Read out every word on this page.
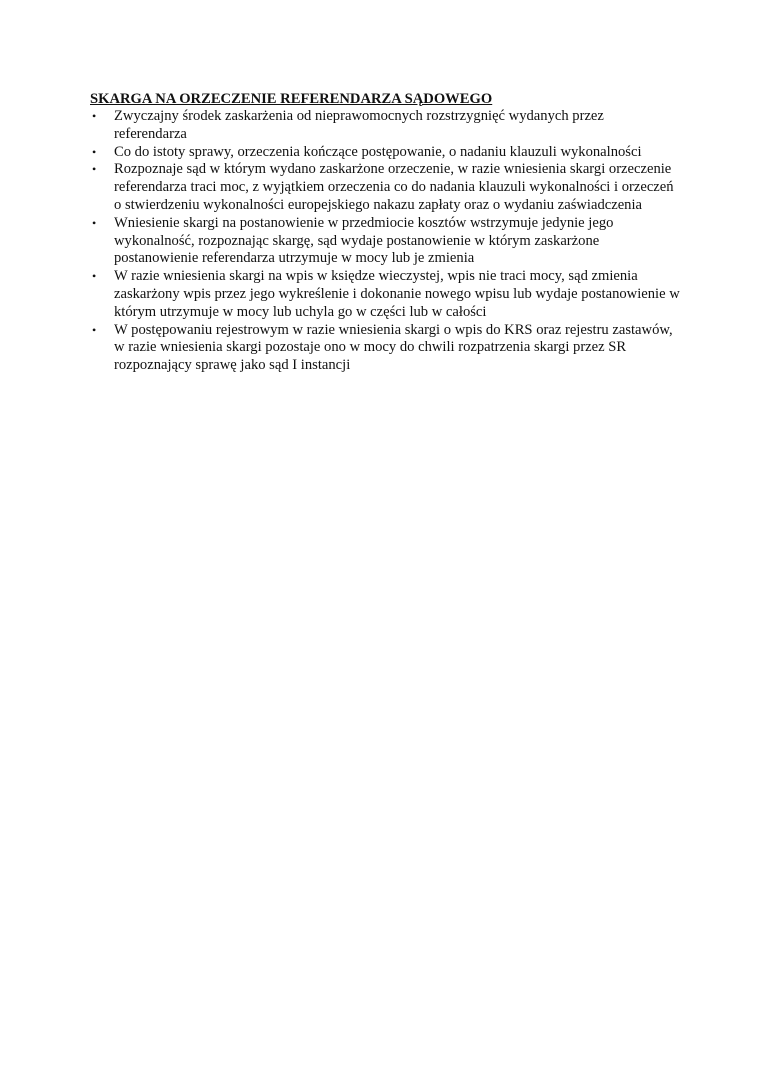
SKARGA NA ORZECZENIE REFERENDARZA SĄDOWEGO
• Zwyczajny środek zaskarżenia od nieprawomocnych rozstrzygnięć wydanych przez referendarza
• Co do istoty sprawy, orzeczenia kończące postępowanie, o nadaniu klauzuli wykonalności
• Rozpoznaje sąd w którym wydano zaskarżone orzeczenie, w razie wniesienia skargi orzeczenie referendarza traci moc, z wyjątkiem orzeczenia co do nadania klauzuli wykonalności i orzeczeń o stwierdzeniu wykonalności europejskiego nakazu zapłaty oraz o wydaniu zaświadczenia
• Wniesienie skargi na postanowienie w przedmiocie kosztów wstrzymuje jedynie jego wykonalność, rozpoznając skargę, sąd wydaje postanowienie w którym zaskarżone postanowienie referendarza utrzymuje w mocy lub je zmienia
• W razie wniesienia skargi na wpis w księdze wieczystej, wpis nie traci mocy, sąd zmienia zaskarżony wpis przez jego wykreślenie i dokonanie nowego wpisu lub wydaje postanowienie w którym utrzymuje w mocy lub uchyla go w części lub w całości
• W postępowaniu rejestrowym w razie wniesienia skargi o wpis do KRS oraz rejestru zastawów, w razie wniesienia skargi pozostaje ono w mocy do chwili rozpatrzenia skargi przez SR rozpoznający sprawę jako sąd I instancji
